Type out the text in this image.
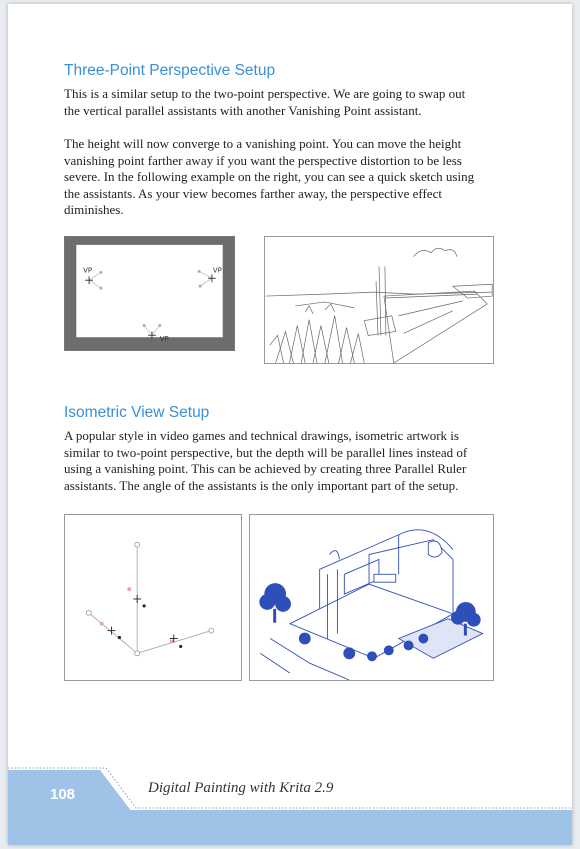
Three-Point Perspective Setup

This is a similar setup to the two-point perspective. We are going to swap out the vertical parallel assistants with another Vanishing Point assistant.

The height will now converge to a vanishing point. You can move the height vanishing point farther away if you want the perspective distortion to be less severe. In the following example on the right, you can see a quick sketch using the assistants. As your view becomes farther away, the perspective effect diminishes.

VP	VP
VP
Isometric View Setup

A popular style in video games and technical drawings, isometric artwork is similar to two-point perspective, but the depth will be parallel lines instead of using a vanishing point. This can be achieved by creating three Parallel Ruler assistants. The angle of the assistants is the only important part of the setup.

108	Digital Painting with Krita 2.9
